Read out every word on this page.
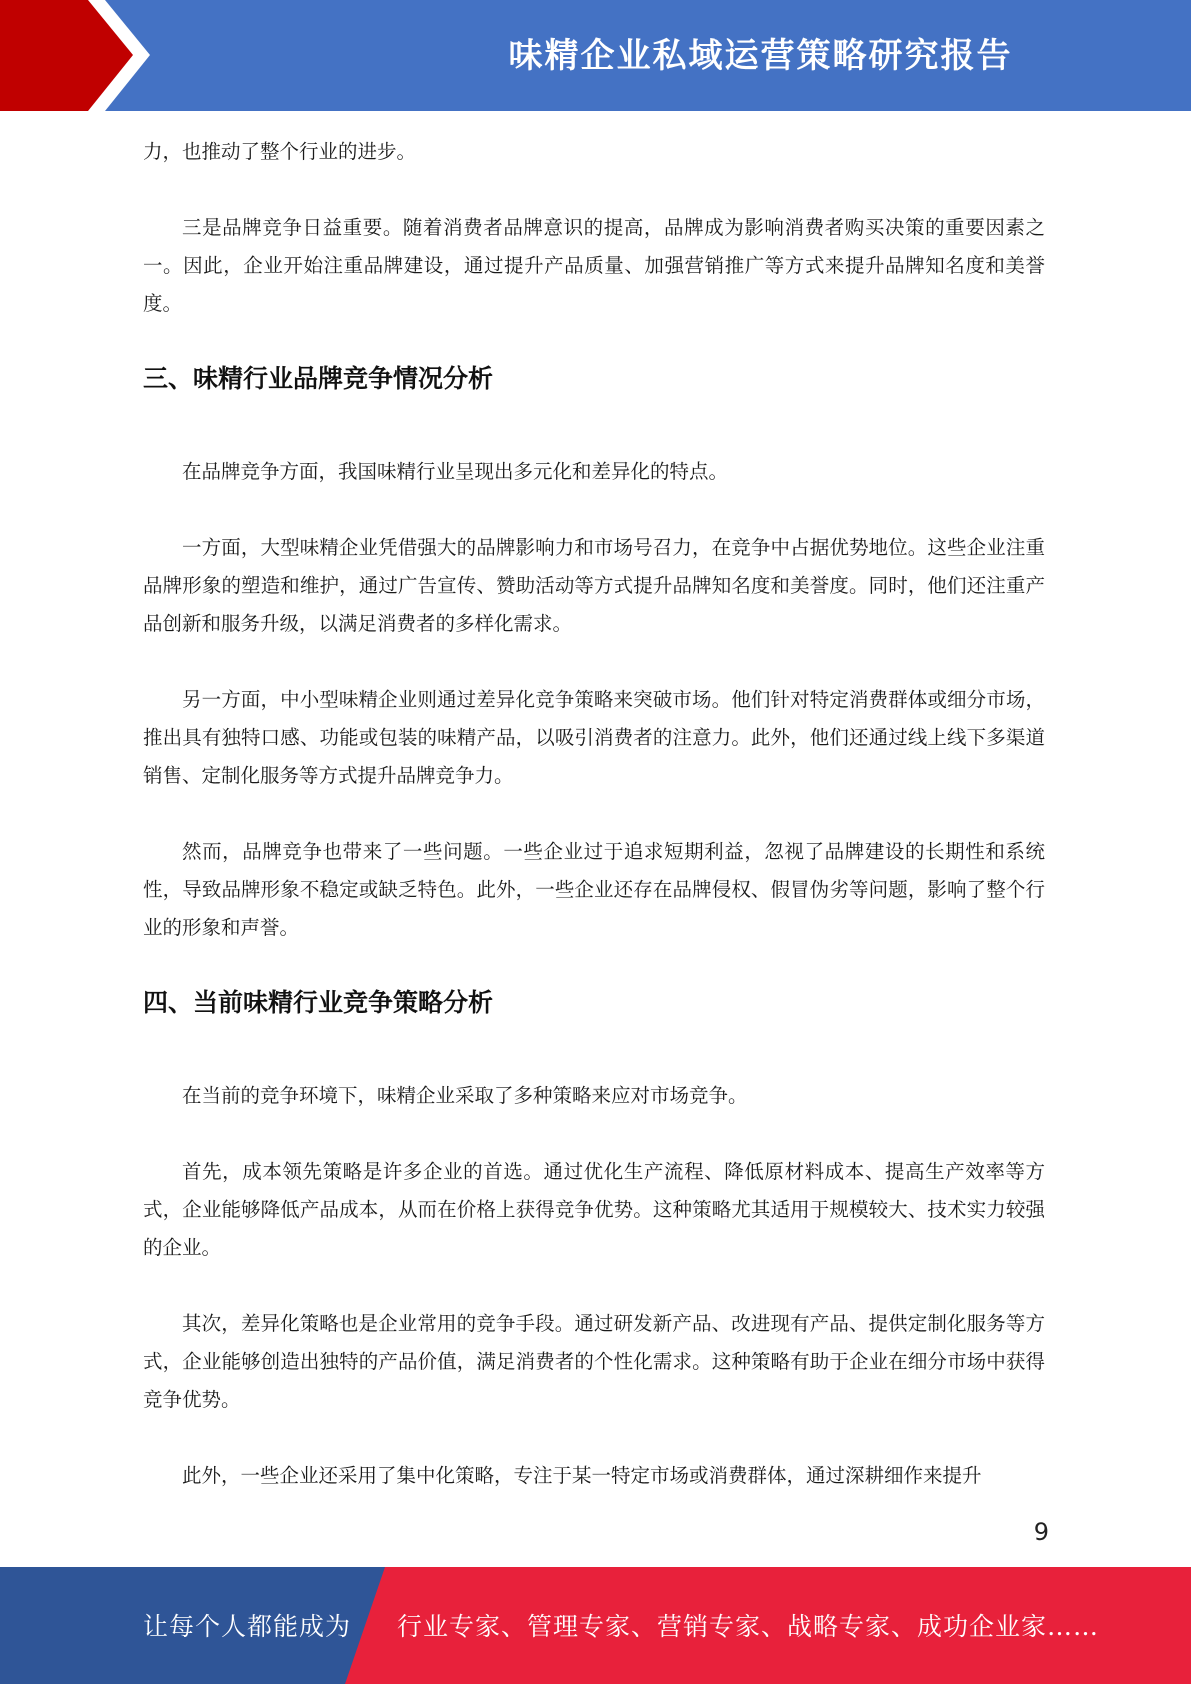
味精企业私域运营策略研究报告

力，也推动了整个行业的进步。

三是品牌竞争日益重要。随着消费者品牌意识的提高，品牌成为影响消费者购买决策的重要因素之一。因此，企业开始注重品牌建设，通过提升产品质量、加强营销推广等方式来提升品牌知名度和美誉度。

三、味精行业品牌竞争情况分析

在品牌竞争方面，我国味精行业呈现出多元化和差异化的特点。

一方面，大型味精企业凭借强大的品牌影响力和市场号召力，在竞争中占据优势地位。这些企业注重品牌形象的塑造和维护，通过广告宣传、赞助活动等方式提升品牌知名度和美誉度。同时，他们还注重产品创新和服务升级，以满足消费者的多样化需求。

另一方面，中小型味精企业则通过差异化竞争策略来突破市场。他们针对特定消费群体或细分市场，推出具有独特口感、功能或包装的味精产品，以吸引消费者的注意力。此外，他们还通过线上线下多渠道销售、定制化服务等方式提升品牌竞争力。

然而，品牌竞争也带来了一些问题。一些企业过于追求短期利益，忽视了品牌建设的长期性和系统性，导致品牌形象不稳定或缺乏特色。此外，一些企业还存在品牌侵权、假冒伪劣等问题，影响了整个行业的形象和声誉。

四、当前味精行业竞争策略分析

在当前的竞争环境下，味精企业采取了多种策略来应对市场竞争。

首先，成本领先策略是许多企业的首选。通过优化生产流程、降低原材料成本、提高生产效率等方式，企业能够降低产品成本，从而在价格上获得竞争优势。这种策略尤其适用于规模较大、技术实力较强的企业。

其次，差异化策略也是企业常用的竞争手段。通过研发新产品、改进现有产品、提供定制化服务等方式，企业能够创造出独特的产品价值，满足消费者的个性化需求。这种策略有助于企业在细分市场中获得竞争优势。

此外，一些企业还采用了集中化策略，专注于某一特定市场或消费群体，通过深耕细作来提升

9
让每个人都能成为 行业专家、管理专家、营销专家、战略专家、成功企业家……
